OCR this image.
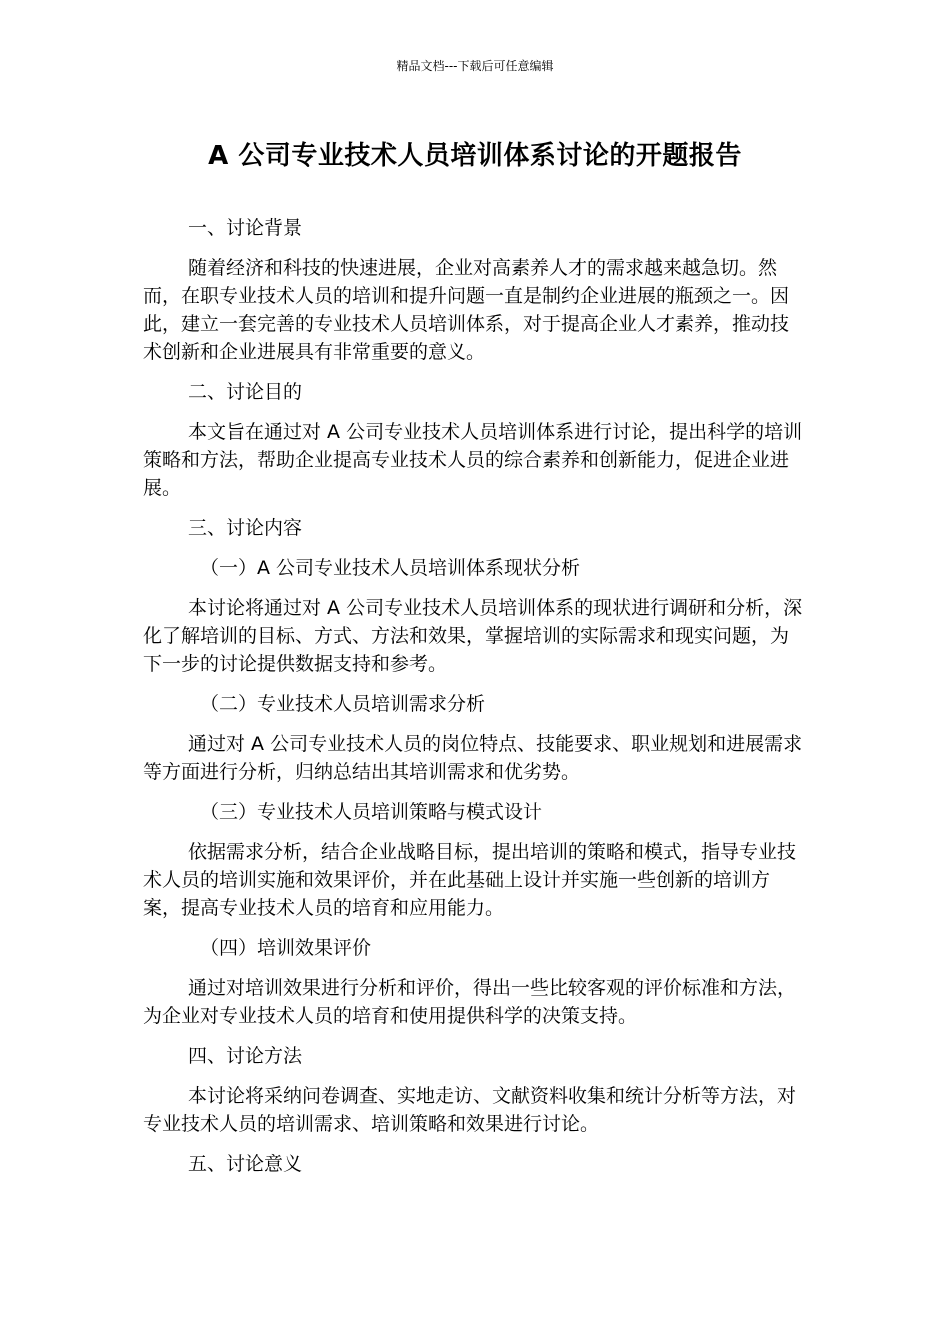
精品文档---下载后可任意编辑
A 公司专业技术人员培训体系讨论的开题报告

一、讨论背景

随着经济和科技的快速进展，企业对高素养人才的需求越来越急切。然而，在职专业技术人员的培训和提升问题一直是制约企业进展的瓶颈之一。因此，建立一套完善的专业技术人员培训体系，对于提高企业人才素养，推动技术创新和企业进展具有非常重要的意义。

二、讨论目的

本文旨在通过对 A 公司专业技术人员培训体系进行讨论，提出科学的培训策略和方法，帮助企业提高专业技术人员的综合素养和创新能力，促进企业进展。

三、讨论内容

（一）A 公司专业技术人员培训体系现状分析

本讨论将通过对 A 公司专业技术人员培训体系的现状进行调研和分析，深化了解培训的目标、方式、方法和效果，掌握培训的实际需求和现实问题，为下一步的讨论提供数据支持和参考。

（二）专业技术人员培训需求分析

通过对 A 公司专业技术人员的岗位特点、技能要求、职业规划和进展需求等方面进行分析，归纳总结出其培训需求和优劣势。

（三）专业技术人员培训策略与模式设计

依据需求分析，结合企业战略目标，提出培训的策略和模式，指导专业技术人员的培训实施和效果评价，并在此基础上设计并实施一些创新的培训方案，提高专业技术人员的培育和应用能力。

（四）培训效果评价

通过对培训效果进行分析和评价，得出一些比较客观的评价标准和方法，为企业对专业技术人员的培育和使用提供科学的决策支持。

四、讨论方法

本讨论将采纳问卷调查、实地走访、文献资料收集和统计分析等方法，对专业技术人员的培训需求、培训策略和效果进行讨论。

五、讨论意义
